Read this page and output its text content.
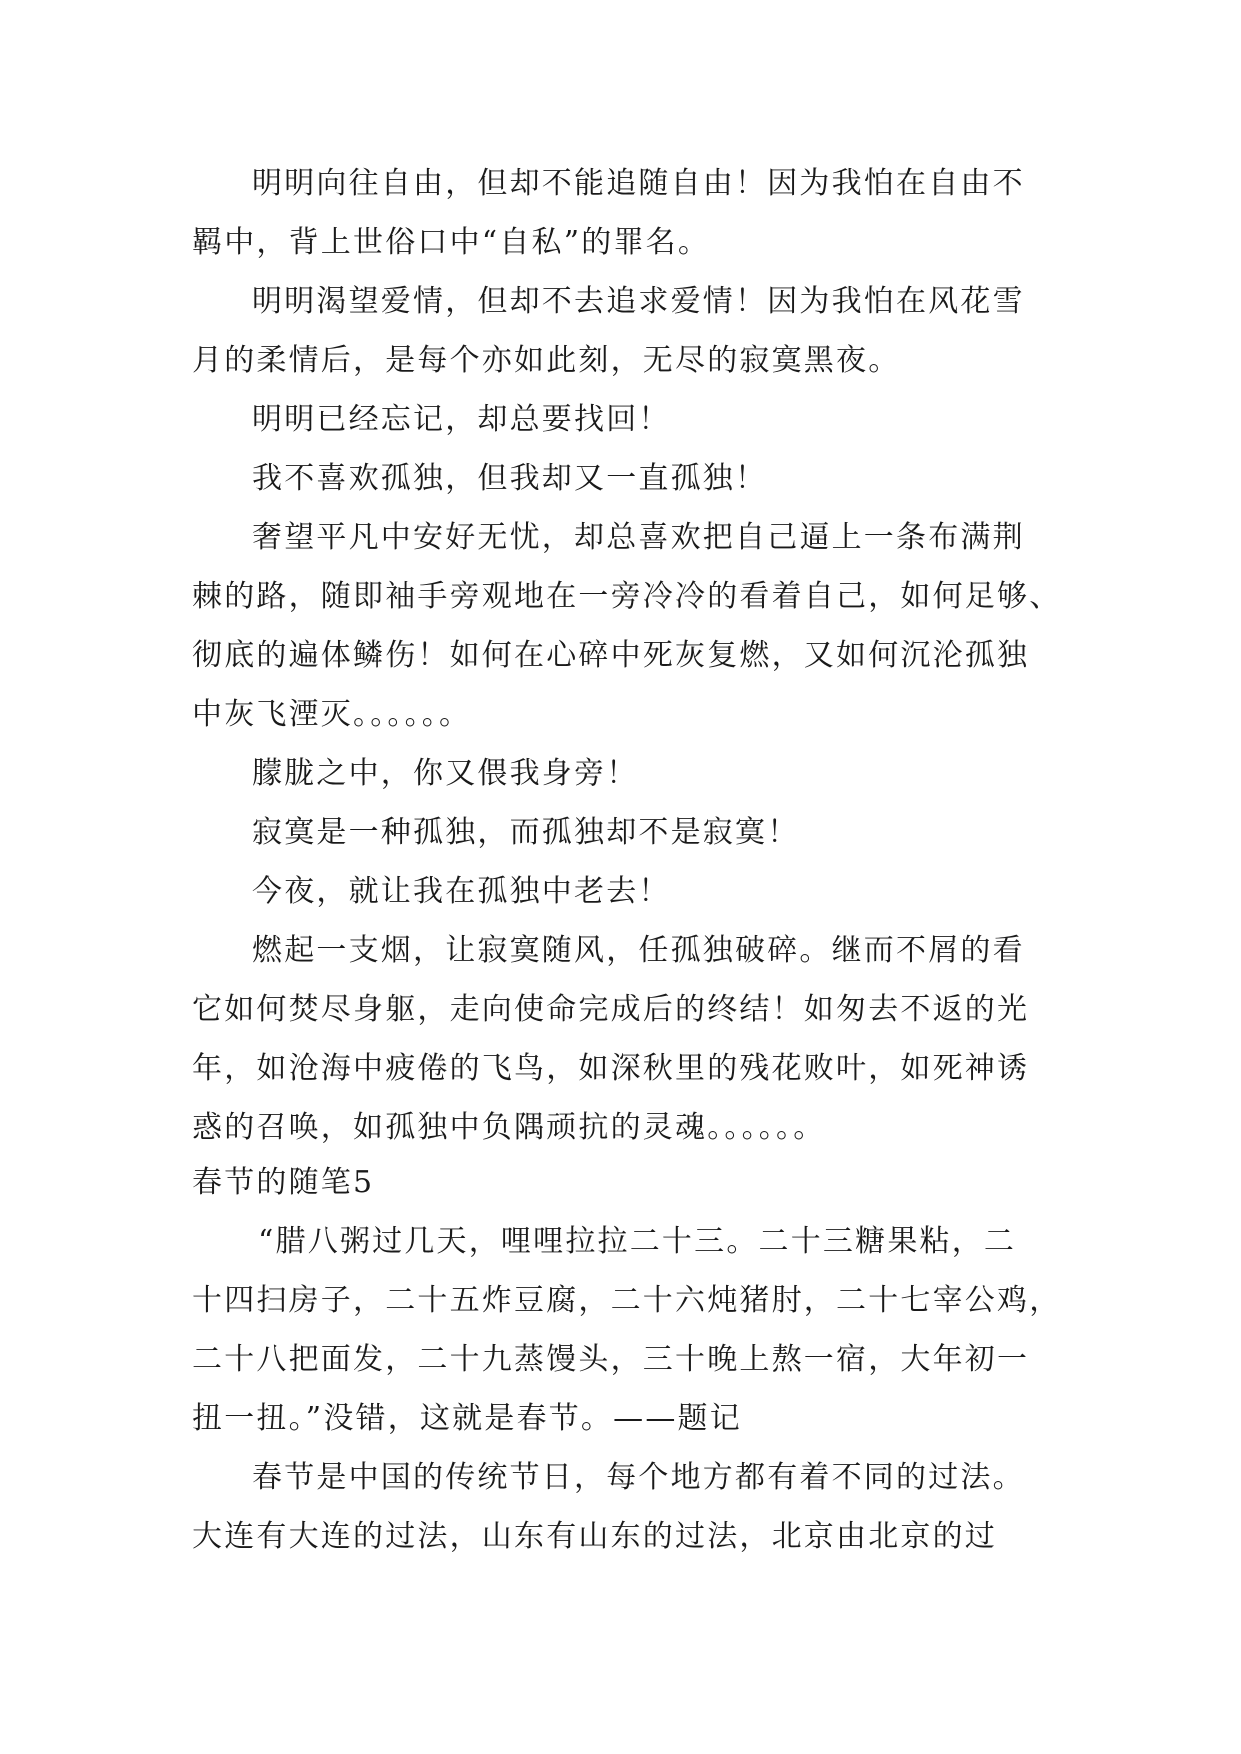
明明向往自由，但却不能追随自由！因为我怕在自由不
羁中，背上世俗口中“自私”的罪名。
明明渴望爱情，但却不去追求爱情！因为我怕在风花雪
月的柔情后，是每个亦如此刻，无尽的寂寞黑夜。
明明已经忘记，却总要找回！
我不喜欢孤独，但我却又一直孤独！
奢望平凡中安好无忧，却总喜欢把自己逼上一条布满荆
棘的路，随即袖手旁观地在一旁冷冷的看着自己，如何足够、
彻底的遍体鳞伤！如何在心碎中死灰复燃，又如何沉沦孤独
中灰飞湮灭。。。。。。
朦胧之中，你又偎我身旁！
寂寞是一种孤独，而孤独却不是寂寞！
今夜，就让我在孤独中老去！
燃起一支烟，让寂寞随风，任孤独破碎。继而不屑的看
它如何焚尽身躯，走向使命完成后的终结！如匆去不返的光
年，如沧海中疲倦的飞鸟，如深秋里的残花败叶，如死神诱
惑的召唤，如孤独中负隅顽抗的灵魂。。。。。。
春节的随笔5
“腊八粥过几天，哩哩拉拉二十三。二十三糖果粘，二
十四扫房子，二十五炸豆腐，二十六炖猪肘，二十七宰公鸡，
二十八把面发，二十九蒸馒头，三十晚上熬一宿，大年初一
扭一扭。”没错，这就是春节。——题记
春节是中国的传统节日，每个地方都有着不同的过法。
大连有大连的过法，山东有山东的过法，北京由北京的过
